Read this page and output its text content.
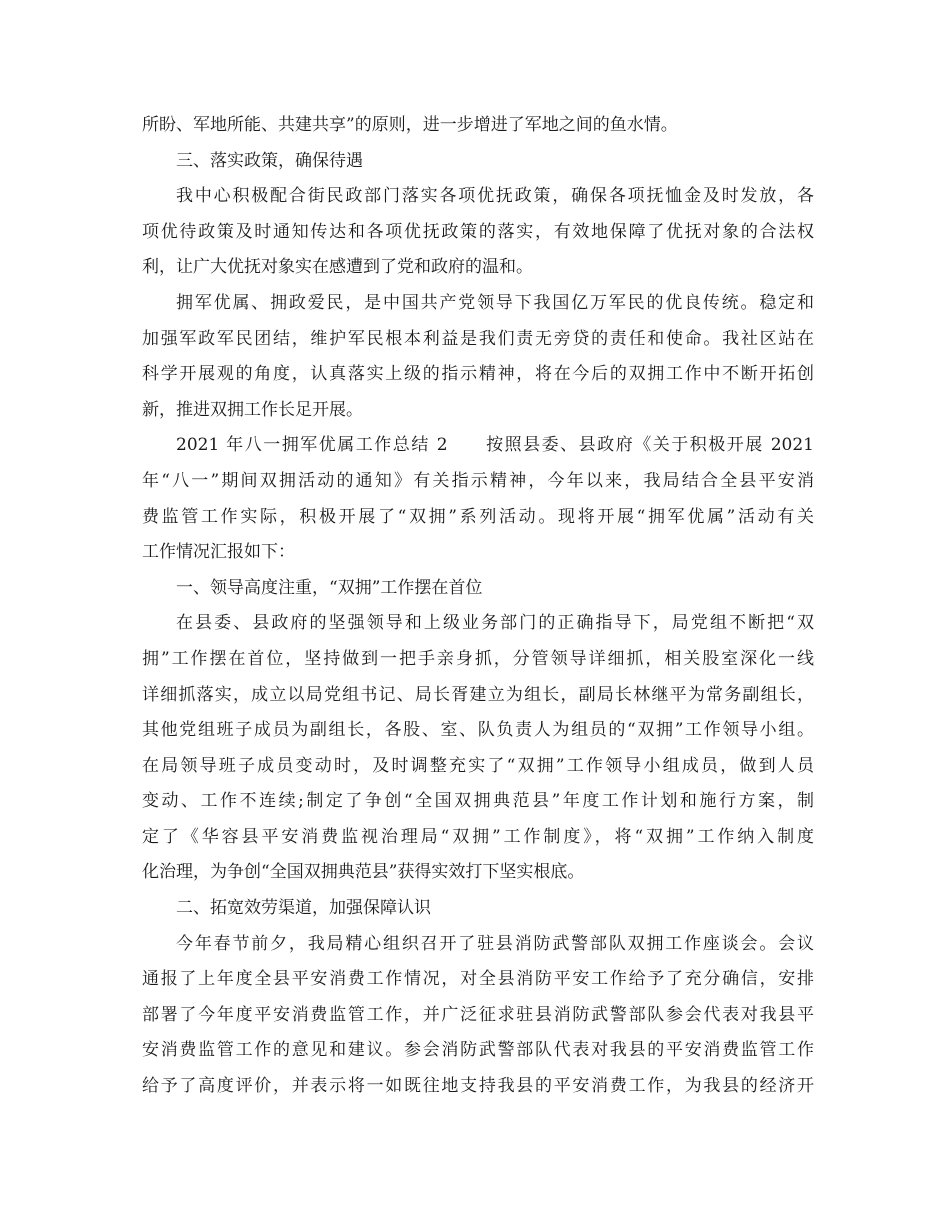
所盼、军地所能、共建共享”的原则，进一步增进了军地之间的鱼水情。
三、落实政策，确保待遇
我中心积极配合街民政部门落实各项优抚政策，确保各项抚恤金及时发放，各
项优待政策及时通知传达和各项优抚政策的落实，有效地保障了优抚对象的合法权
利，让广大优抚对象实在感遭到了党和政府的温和。
拥军优属、拥政爱民，是中国共产党领导下我国亿万军民的优良传统。稳定和
加强军政军民团结，维护军民根本利益是我们责无旁贷的责任和使命。我社区站在
科学开展观的角度，认真落实上级的指示精神，将在今后的双拥工作中不断开拓创
新，推进双拥工作长足开展。
2021 年八一拥军优属工作总结 2　　按照县委、县政府《关于积极开展 2021
年“八一”期间双拥活动的通知》有关指示精神，今年以来，我局结合全县平安消
费监管工作实际，积极开展了“双拥”系列活动。现将开展“拥军优属”活动有关
工作情况汇报如下：
一、领导高度注重，“双拥”工作摆在首位
在县委、县政府的坚强领导和上级业务部门的正确指导下，局党组不断把“双
拥”工作摆在首位，坚持做到一把手亲身抓，分管领导详细抓，相关股室深化一线
详细抓落实，成立以局党组书记、局长胥建立为组长，副局长林继平为常务副组长，
其他党组班子成员为副组长，各股、室、队负责人为组员的“双拥”工作领导小组。
在局领导班子成员变动时，及时调整充实了“双拥”工作领导小组成员，做到人员
变动、工作不连续;制定了争创“全国双拥典范县”年度工作计划和施行方案，制
定了《华容县平安消费监视治理局“双拥”工作制度》，将“双拥”工作纳入制度
化治理，为争创“全国双拥典范县”获得实效打下坚实根底。
二、拓宽效劳渠道，加强保障认识
今年春节前夕，我局精心组织召开了驻县消防武警部队双拥工作座谈会。会议
通报了上年度全县平安消费工作情况，对全县消防平安工作给予了充分确信，安排
部署了今年度平安消费监管工作，并广泛征求驻县消防武警部队参会代表对我县平
安消费监管工作的意见和建议。参会消防武警部队代表对我县的平安消费监管工作
给予了高度评价，并表示将一如既往地支持我县的平安消费工作，为我县的经济开
